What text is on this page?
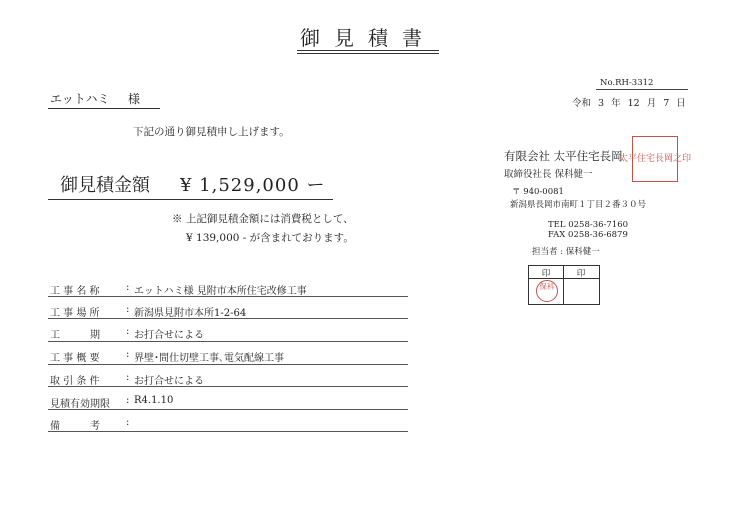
御見積書
No.RH-3312
令和 3 年 12 月 7 日
エットハミ 様
下記の通り御見積申し上げます。
御見積金額 ¥ 1,529,000 ー
※ 上記御見積金額には消費税として、
¥ 139,000 - が含まれております。
有限会社 太平住宅長岡
取締役社長 保科健一
〒 940-0081
新潟県長岡市南町１丁目２番３０号
TEL 0258-36-7160
FAX 0258-36-6879
担当者 : 保科健一
太平住宅長岡之印
印	印
保科
工 事 名 称	: エットハミ様 見附市本所住宅改修工事
工 事 場 所	: 新潟県見附市本所1-2-64
工　　　期	: お打合せによる
工 事 概 要	: 界壁･間仕切壁工事､電気配線工事
取 引 条 件	: お打合せによる
見積有効期限	: R4.1.10
備　　　考	:
